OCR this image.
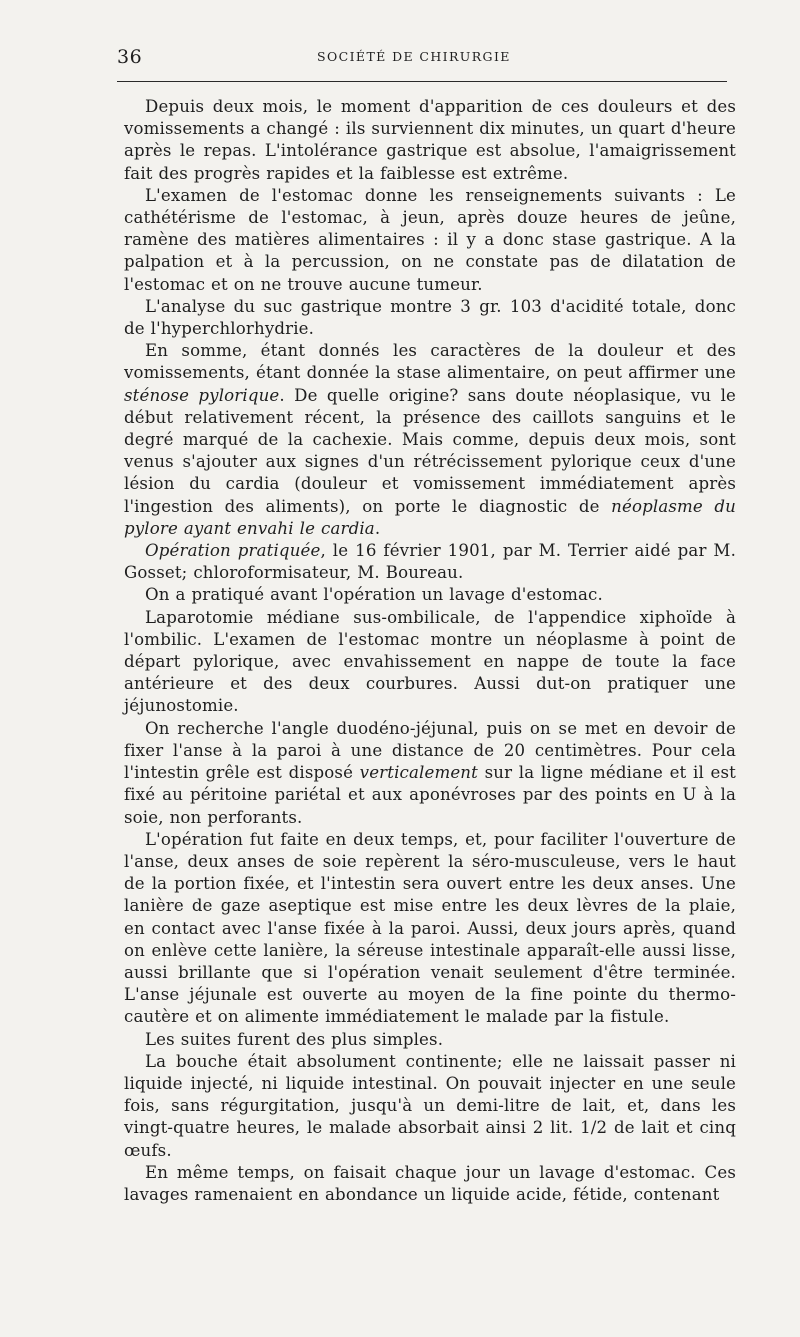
36	SOCIÉTÉ DE CHIRURGIE

Depuis deux mois, le moment d'apparition de ces douleurs et des vomissements a changé : ils surviennent dix minutes, un quart d'heure après le repas. L'intolérance gastrique est absolue, l'amaigrissement fait des progrès rapides et la faiblesse est extrême.

L'examen de l'estomac donne les renseignements suivants : Le cathétérisme de l'estomac, à jeun, après douze heures de jeûne, ramène des matières alimentaires : il y a donc stase gastrique. A la palpation et à la percussion, on ne constate pas de dilatation de l'estomac et on ne trouve aucune tumeur.

L'analyse du suc gastrique montre 3 gr. 103 d'acidité totale, donc de l'hyperchlorhydrie.

En somme, étant donnés les caractères de la douleur et des vomissements, étant donnée la stase alimentaire, on peut affirmer une sténose pylorique. De quelle origine? sans doute néoplasique, vu le début relativement récent, la présence des caillots sanguins et le degré marqué de la cachexie. Mais comme, depuis deux mois, sont venus s'ajouter aux signes d'un rétrécissement pylorique ceux d'une lésion du cardia (douleur et vomissement immédiatement après l'ingestion des aliments), on porte le diagnostic de néoplasme du pylore ayant envahi le cardia.

Opération pratiquée, le 16 février 1901, par M. Terrier aidé par M. Gosset; chloroformisateur, M. Boureau.

On a pratiqué avant l'opération un lavage d'estomac.

Laparotomie médiane sus-ombilicale, de l'appendice xiphoïde à l'ombilic. L'examen de l'estomac montre un néoplasme à point de départ pylorique, avec envahissement en nappe de toute la face antérieure et des deux courbures. Aussi dut-on pratiquer une jéjunostomie.

On recherche l'angle duodéno-jéjunal, puis on se met en devoir de fixer l'anse à la paroi à une distance de 20 centimètres. Pour cela l'intestin grêle est disposé verticalement sur la ligne médiane et il est fixé au péritoine pariétal et aux aponévroses par des points en U à la soie, non perforants.

L'opération fut faite en deux temps, et, pour faciliter l'ouverture de l'anse, deux anses de soie repèrent la séro-musculeuse, vers le haut de la portion fixée, et l'intestin sera ouvert entre les deux anses. Une lanière de gaze aseptique est mise entre les deux lèvres de la plaie, en contact avec l'anse fixée à la paroi. Aussi, deux jours après, quand on enlève cette lanière, la séreuse intestinale apparaît-elle aussi lisse, aussi brillante que si l'opération venait seulement d'être terminée. L'anse jéjunale est ouverte au moyen de la fine pointe du thermo-cautère et on alimente immédiatement le malade par la fistule.

Les suites furent des plus simples.

La bouche était absolument continente; elle ne laissait passer ni liquide injecté, ni liquide intestinal. On pouvait injecter en une seule fois, sans régurgitation, jusqu'à un demi-litre de lait, et, dans les vingt-quatre heures, le malade absorbait ainsi 2 lit. 1/2 de lait et cinq œufs.

En même temps, on faisait chaque jour un lavage d'estomac. Ces lavages ramenaient en abondance un liquide acide, fétide, contenant
